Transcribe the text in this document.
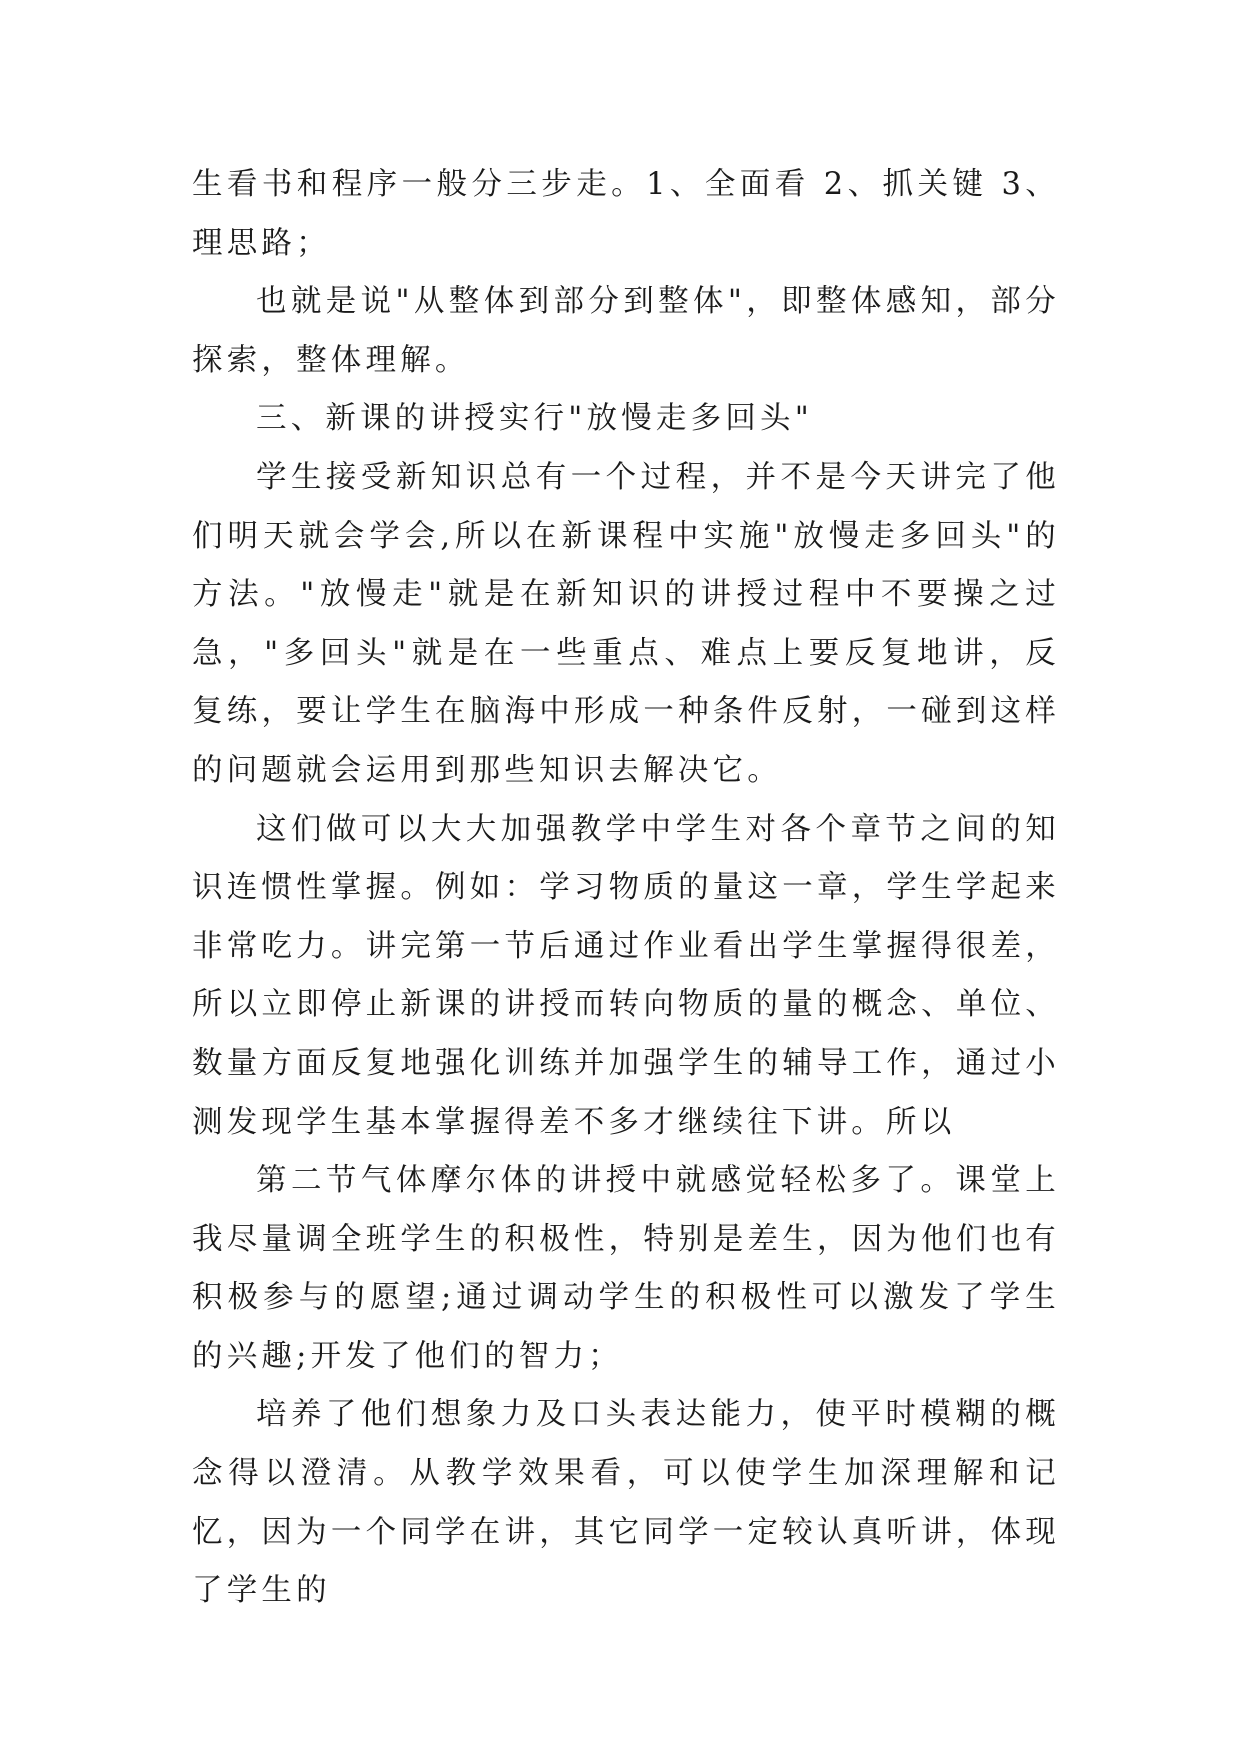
生看书和程序一般分三步走。1、全面看 2、抓关键 3、理思路；

也就是说"从整体到部分到整体"，即整体感知，部分探索，整体理解。

三、新课的讲授实行"放慢走多回头"

学生接受新知识总有一个过程，并不是今天讲完了他们明天就会学会,所以在新课程中实施"放慢走多回头"的方法。"放慢走"就是在新知识的讲授过程中不要操之过急，"多回头"就是在一些重点、难点上要反复地讲，反复练，要让学生在脑海中形成一种条件反射，一碰到这样的问题就会运用到那些知识去解决它。

这们做可以大大加强教学中学生对各个章节之间的知识连惯性掌握。例如：学习物质的量这一章，学生学起来非常吃力。讲完第一节后通过作业看出学生掌握得很差，所以立即停止新课的讲授而转向物质的量的概念、单位、数量方面反复地强化训练并加强学生的辅导工作，通过小测发现学生基本掌握得差不多才继续往下讲。所以

第二节气体摩尔体的讲授中就感觉轻松多了。课堂上我尽量调全班学生的积极性，特别是差生，因为他们也有积极参与的愿望;通过调动学生的积极性可以激发了学生的兴趣;开发了他们的智力；

培养了他们想象力及口头表达能力，使平时模糊的概念得以澄清。从教学效果看，可以使学生加深理解和记忆，因为一个同学在讲，其它同学一定较认真听讲，体现了学生的
